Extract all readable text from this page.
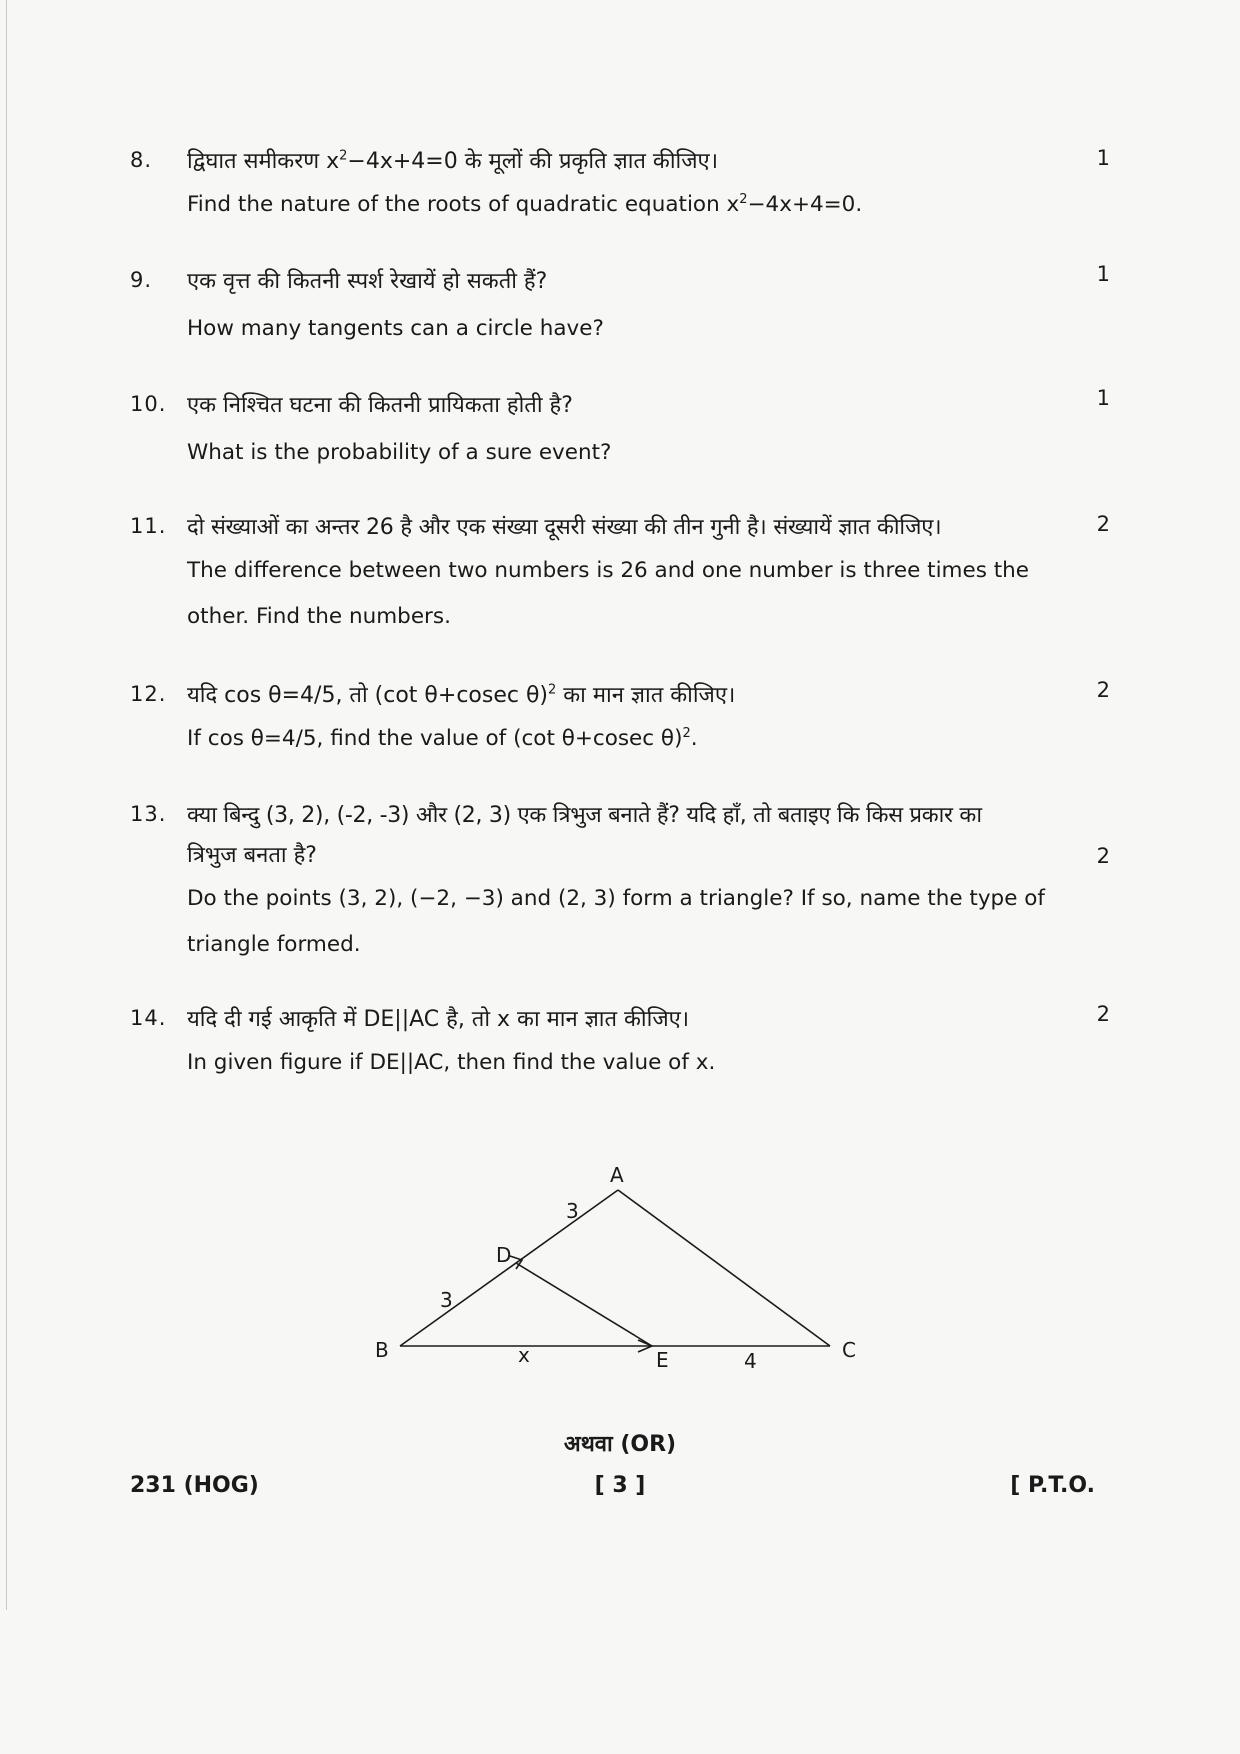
8.	1

द्विघात समीकरण $x^2-4x+4=0$ के मूलों की प्रकृति ज्ञात कीजिए।

Find the nature of the roots of quadratic equation $x^2-4x+4=0$.

9.	1

एक वृत्त की कितनी स्पर्श रेखायें हो सकती हैं?

How many tangents can a circle have?

10.	1

एक निश्चित घटना की कितनी प्रायिकता होती है?

What is the probability of a sure event?

11.	2

दो संख्याओं का अन्तर 26 है और एक संख्या दूसरी संख्या की तीन गुनी है। संख्यायें ज्ञात कीजिए।

The difference between two numbers is 26 and one number is three times the other. Find the numbers.

12.	2

यदि cos θ=4/5, तो (cot θ+cosec θ)$^2$ का मान ज्ञात कीजिए।

If cos θ=4/5, find the value of (cot θ+cosec θ)$^2$.

13.
2

क्या बिन्दु (3, 2), (-2, -3) और (2, 3) एक त्रिभुज बनाते हैं? यदि हाँ, तो बताइए कि किस प्रकार का

त्रिभुज बनता है?

Do the points (3, 2), (−2, −3) and (2, 3) form a triangle? If so, name the type of triangle formed.

14.	2

यदि दी गई आकृति में DE||AC है, तो x का मान ज्ञात कीजिए।

In given figure if DE||AC, then find the value of x.

A
B	C
D
E
3
3
x	4
अथवा (OR)
231 (HOG)	[ 3 ]	[ P.T.O.
